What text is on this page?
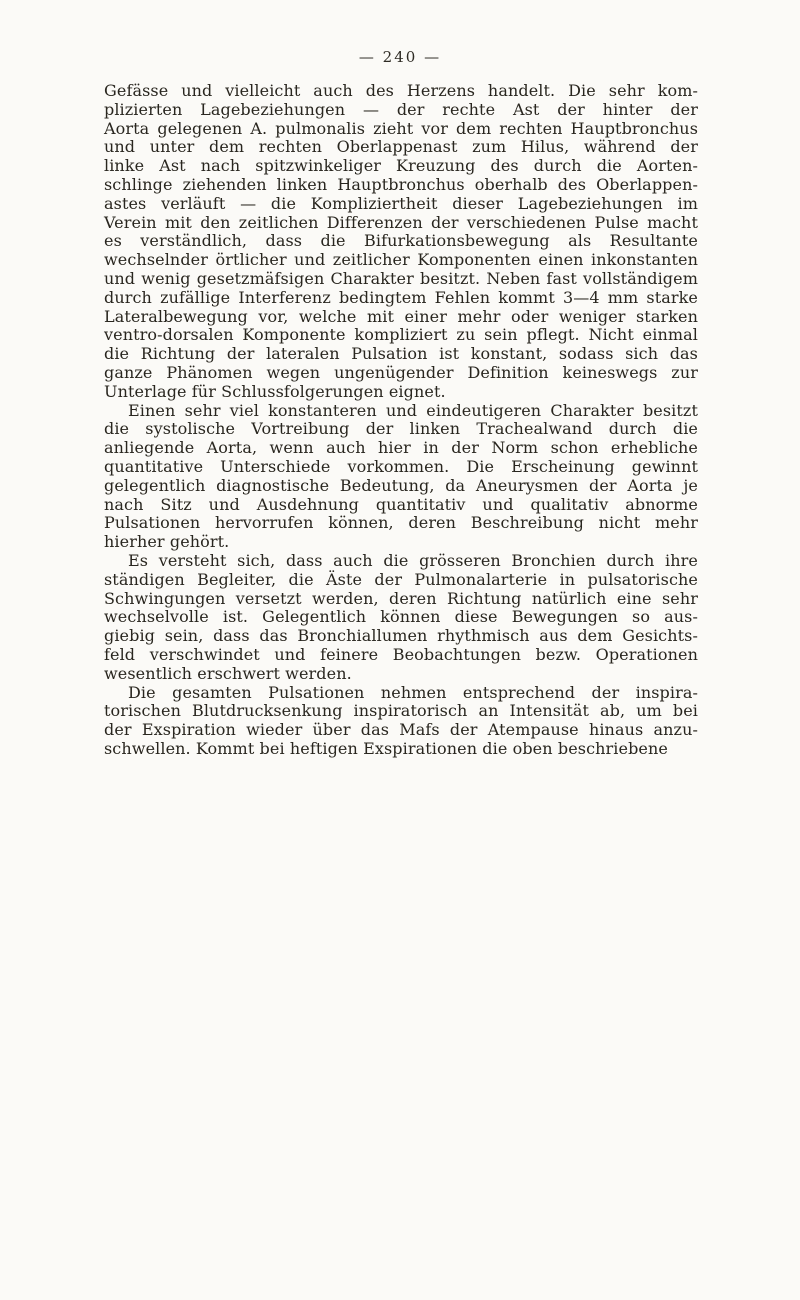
— 240 —

Gefässe und vielleicht auch des Herzens handelt. Die sehr kom-
plizierten Lagebeziehungen — der rechte Ast der hinter der
Aorta gelegenen A. pulmonalis zieht vor dem rechten Hauptbronchus
und unter dem rechten Oberlappenast zum Hilus, während der
linke Ast nach spitzwinkeliger Kreuzung des durch die Aorten-
schlinge ziehenden linken Hauptbronchus oberhalb des Oberlappen-
astes verläuft — die Kompliziertheit dieser Lagebeziehungen im
Verein mit den zeitlichen Differenzen der verschiedenen Pulse macht
es verständlich, dass die Bifurkationsbewegung als Resultante
wechselnder örtlicher und zeitlicher Komponenten einen inkonstanten
und wenig gesetzmäfsigen Charakter besitzt. Neben fast vollständigem
durch zufällige Interferenz bedingtem Fehlen kommt 3—4 mm starke
Lateralbewegung vor, welche mit einer mehr oder weniger starken
ventro-dorsalen Komponente kompliziert zu sein pflegt. Nicht einmal
die Richtung der lateralen Pulsation ist konstant, sodass sich das
ganze Phänomen wegen ungenügender Definition keineswegs zur
Unterlage für Schlussfolgerungen eignet.

Einen sehr viel konstanteren und eindeutigeren Charakter besitzt
die systolische Vortreibung der linken Trachealwand durch die
anliegende Aorta, wenn auch hier in der Norm schon erhebliche
quantitative Unterschiede vorkommen. Die Erscheinung gewinnt
gelegentlich diagnostische Bedeutung, da Aneurysmen der Aorta je
nach Sitz und Ausdehnung quantitativ und qualitativ abnorme
Pulsationen hervorrufen können, deren Beschreibung nicht mehr
hierher gehört.

Es versteht sich, dass auch die grösseren Bronchien durch ihre
ständigen Begleiter, die Äste der Pulmonalarterie in pulsatorische
Schwingungen versetzt werden, deren Richtung natürlich eine sehr
wechselvolle ist. Gelegentlich können diese Bewegungen so aus-
giebig sein, dass das Bronchiallumen rhythmisch aus dem Gesichts-
feld verschwindet und feinere Beobachtungen bezw. Operationen
wesentlich erschwert werden.

Die gesamten Pulsationen nehmen entsprechend der inspira-
torischen Blutdrucksenkung inspiratorisch an Intensität ab, um bei
der Exspiration wieder über das Mafs der Atempause hinaus anzu-
schwellen. Kommt bei heftigen Exspirationen die oben beschriebene
